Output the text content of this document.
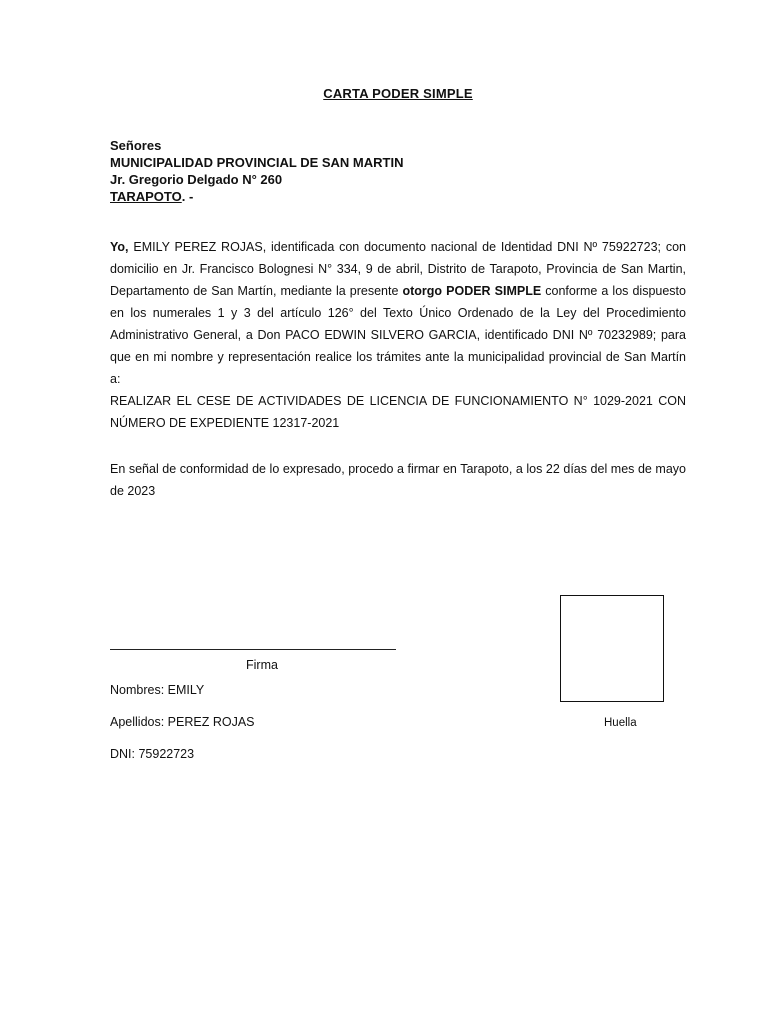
CARTA PODER SIMPLE
Señores
MUNICIPALIDAD PROVINCIAL DE SAN MARTIN
Jr. Gregorio Delgado N° 260
TARAPOTO. -

Yo, EMILY PEREZ ROJAS, identificada con documento nacional de Identidad DNI Nº 75922723; con domicilio en Jr. Francisco Bolognesi N° 334, 9 de abril, Distrito de Tarapoto, Provincia de San Martin, Departamento de San Martín, mediante la presente otorgo PODER SIMPLE conforme a los dispuesto en los numerales 1 y 3 del artículo 126° del Texto Único Ordenado de la Ley del Procedimiento Administrativo General, a Don PACO EDWIN SILVERO GARCIA, identificado DNI Nº 70232989; para que en mi nombre y representación realice los trámites ante la municipalidad provincial de San Martín a:

REALIZAR EL CESE DE ACTIVIDADES DE LICENCIA DE FUNCIONAMIENTO N° 1029-2021 CON NÚMERO DE EXPEDIENTE 12317-2021

En señal de conformidad de lo expresado, procedo a firmar en Tarapoto, a los 22 días del mes de mayo de 2023
Firma
Nombres: EMILY
Apellidos: PEREZ ROJAS
DNI: 75922723
Huella
